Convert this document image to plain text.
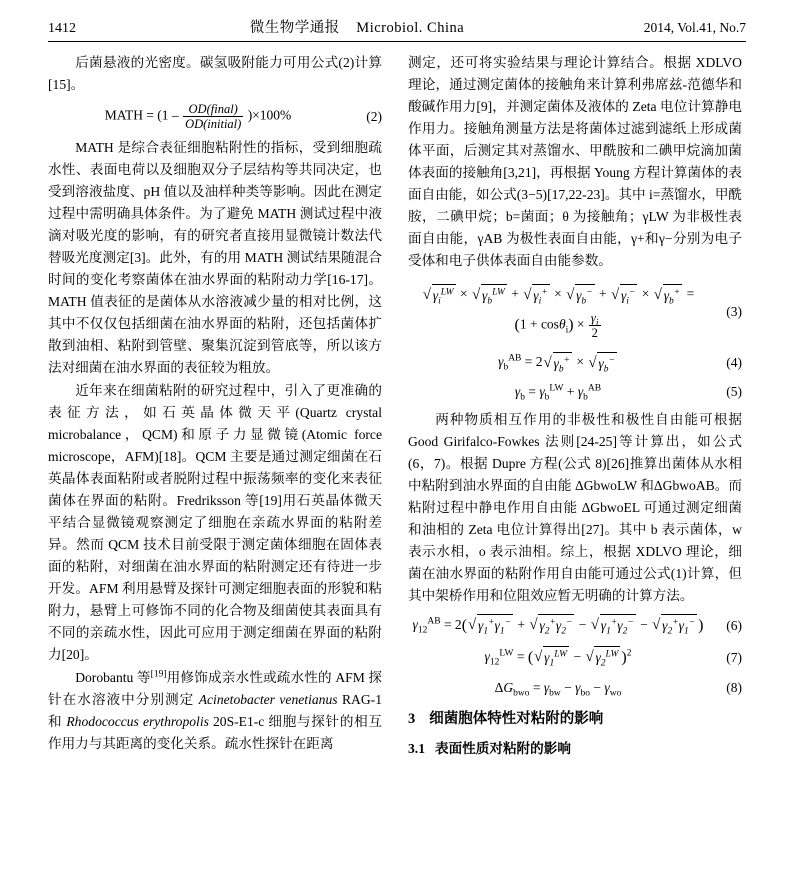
1412	微生物学通报 Microbiol. China	2014, Vol.41, No.7

后菌悬液的光密度。碳氢吸附能力可用公式(2)计算[15]。

MATH = $(1 - \frac{\text{OD(final)}}{\text{OD(initial)}} )\times 100\%$	(2)

MATH 是综合表征细胞粘附性的指标，受到细胞疏水性、表面电荷以及细胞双分子层结构等共同决定，也受到溶液盐度、pH 值以及油样种类等影响。因此在测定过程中需明确具体条件。为了避免 MATH 测试过程中液滴对吸光度的影响，有的研究者直接用显微镜计数法代替吸光度测定[3]。此外，有的用 MATH 测试结果随混合时间的变化考察菌体在油水界面的粘附动力学[16-17]。MATH 值表征的是菌体从水溶液减少量的相对比例，这其中不仅仅包括细菌在油水界面的粘附，还包括菌体扩散到油相、粘附到管壁、聚集沉淀到管底等，所以该方法对细菌在油水界面的表征较为粗放。

近年来在细菌粘附的研究过程中，引入了更准确的表征方法，如石英晶体微天平(Quartz crystal microbalance，QCM)和原子力显微镜(Atomic force microscope，AFM)[18]。QCM 主要是通过测定细菌在石英晶体表面粘附或者脱附过程中振荡频率的变化来表征菌体在界面的粘附。Fredriksson 等[19]用石英晶体微天平结合显微镜观察测定了细胞在亲疏水界面的粘附差异。然而 QCM 技术目前受限于测定菌体细胞在固体表面的粘附，对细菌在油水界面的粘附测定还有待进一步开发。AFM 利用悬臂及探针可测定细胞表面的形貌和粘附力，悬臂上可修饰不同的化合物及细菌使其表面具有不同的亲疏水性，因此可应用于测定细菌在界面的粘附力[20]。

Dorobantu 等[19]用修饰成亲水性或疏水性的 AFM 探针在水溶液中分别测定 Acinetobacter venetianus RAG-1 和 Rhodococcus erythropolis 20S-E1-c 细胞与探针的相互作用力与其距离的变化关系。疏水性探针在距离

测定，还可将实验结果与理论计算结合。根据 XDLVO 理论，通过测定菌体的接触角来计算利弗席兹-范德华和酸碱作用力[9]，并测定菌体及液体的 Zeta 电位计算静电作用力。接触角测量方法是将菌体过滤到滤纸上形成菌体平面，后测定其对蒸馏水、甲酰胺和二碘甲烷滴加菌体表面的接触角[3,21]，再根据 Young 方程计算菌体的表面自由能，如公式(3−5)[17,22-23]。其中 i=蒸馏水，甲酰胺，二碘甲烷；b=菌面；θ 为接触角；γLW 为非极性表面自由能，γAB 为极性表面自由能，γ+和γ−分别为电子受体和电子供体表面自由能参数。

√ $\gamma_i^{LW}$ × √ $\gamma_b^{LW}$ + √ $\gamma_i^+$ × √ $\gamma_b^-$ + √ $\gamma_i^-$ × √ $\gamma_b^+$ =
$(1 + \cos\theta_i) \times \frac{\gamma_i}{2}$
(3)
$\gamma_b^{AB} = 2$ √ $\gamma_b^+$ × √ $\gamma_b^-$	(4)
$\gamma_b = \gamma_b^{LW} + \gamma_b^{AB}$	(5)

两种物质相互作用的非极性和极性自由能可根据 Good Girifalco-Fowkes 法则[24-25]等计算出，如公式(6，7)。根据 Dupre 方程(公式 8)[26]推算出菌体从水相中粘附到油水界面的自由能 ΔGbwoLW 和ΔGbwoAB。而粘附过程中静电作用自由能 ΔGbwoEL 可通过测定细菌和油相的 Zeta 电位计算得出[27]。其中 b 表示菌体，w 表示水相，o 表示油相。综上，根据 XDLVO 理论，细菌在油水界面的粘附作用自由能可通过公式(1)计算，但其中架桥作用和位阻效应暂无明确的计算方法。

$\gamma_{12}^{AB} = 2$( √ $\gamma_1^+\gamma_1^-$ + √ $\gamma_2^+\gamma_2^-$ − √ $\gamma_1^+\gamma_2^-$ − √ $\gamma_2^+\gamma_1^-$ )	(6)
$\gamma_{12}^{LW}$ = ( √ $\gamma_1^{LW}$ − √ $\gamma_2^{LW}$ )$^2$	(7)
$\Delta G_{bwo} = \gamma_{bw} - \gamma_{bo} - \gamma_{wo}$	(8)
3 细菌胞体特性对粘附的影响
3.1 表面性质对粘附的影响
